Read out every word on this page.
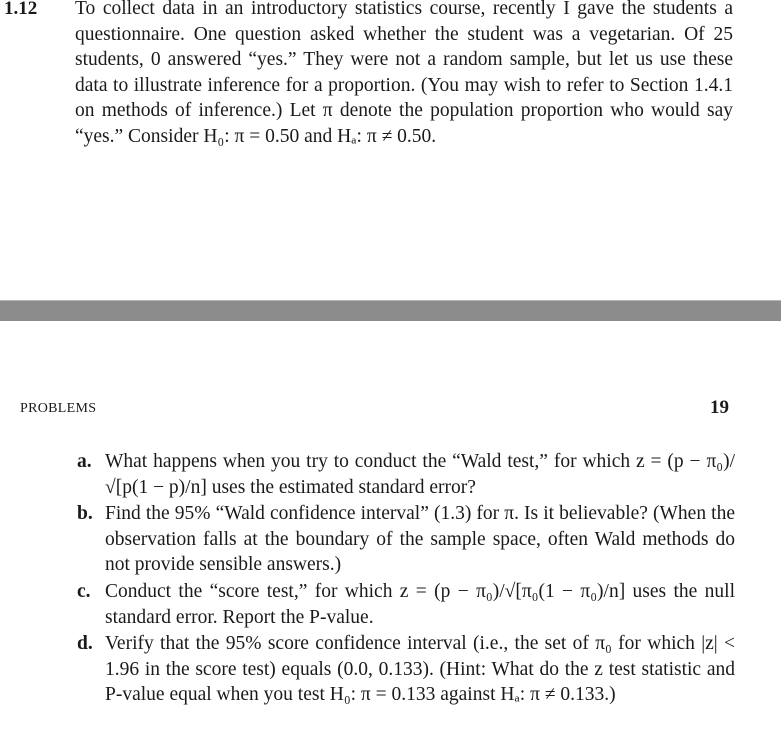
1.12 To collect data in an introductory statistics course, recently I gave the students a questionnaire. One question asked whether the student was a vegetarian. Of 25 students, 0 answered “yes.” They were not a random sample, but let us use these data to illustrate inference for a proportion. (You may wish to refer to Section 1.4.1 on methods of inference.) Let π denote the population proportion who would say “yes.” Consider H₀: π = 0.50 and Hₐ: π ≠ 0.50.

PROBLEMS	19
a. What happens when you try to conduct the “Wald test,” for which z = (p − π₀)/√[p(1 − p)/n] uses the estimated standard error?
b. Find the 95% “Wald confidence interval” (1.3) for π. Is it believable? (When the observation falls at the boundary of the sample space, often Wald methods do not provide sensible answers.)
c. Conduct the “score test,” for which z = (p − π₀)/√[π₀(1 − π₀)/n] uses the null standard error. Report the P-value.
d. Verify that the 95% score confidence interval (i.e., the set of π₀ for which |z| < 1.96 in the score test) equals (0.0, 0.133). (Hint: What do the z test statistic and P-value equal when you test H₀: π = 0.133 against Hₐ: π ≠ 0.133.)
